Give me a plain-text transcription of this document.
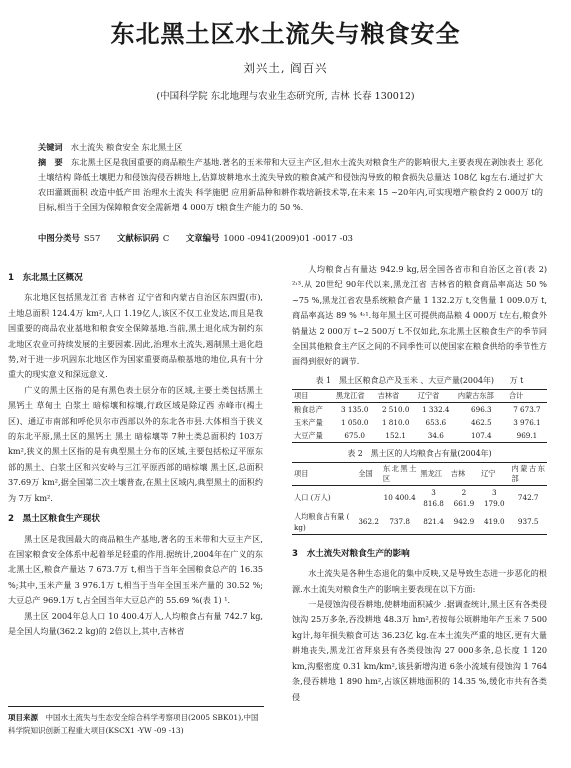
东北黑土区水土流失与粮食安全
刘兴土, 阎百兴
(中国科学院 东北地理与农业生态研究所, 吉林 长春 130012)
关键词　 水土流失 粮食安全 东北黑土区
摘　要　 东北黑土区是我国重要的商品粮生产基地.著名的玉米带和大豆主产区,但水土流失对粮食生产的影响很大,主要表现在剥蚀表土 恶化土壤结构 降低土壤肥力和侵蚀沟侵吞耕地上,估算坡耕地水土流失导致的粮食减产和侵蚀沟导致的粮食损失总量达 108亿 kg左右.通过扩大农田灌溉面积 改造中低产田 治理水土流失 科学施肥 应用新品种和耕作栽培新技术等,在未来 15 ~20年内,可实现增产粮食约 2 000万 t的目标,相当于全国为保障粮食安全需新增 4 000万 t粮食生产能力的 50 %.
中图分类号 S57 文献标识码 C 文章编号 1000 -0941(2009)01 -0017 -03
1　东北黑土区概况

东北地区包括黑龙江省 吉林省 辽宁省和内蒙古自治区东四盟(市),土地总面积 124.4万 km²,人口 1.19亿人,该区不仅工业发达,而且是我国重要的商品农业基地和粮食安全保障基地.当前,黑土退化成为制约东北地区农业可持续发展的主要因素.因此,治理水土流失,遏制黑土退化趋势,对于进一步巩固东北地区作为国家重要商品粮基地的地位,具有十分重大的现实意义和深远意义.

广义的黑土区指的是有黑色表土层分布的区域,主要土类包括黑土 黑钙土 草甸土 白浆土 暗棕壤和棕壤,行政区域是除辽西 赤峰市(褐土区)、通辽市南部和呼伦贝尔市西部以外的东北各市县.大体相当于狭义的东北平原,黑土区的黑钙土 黑土 暗棕壤等 7种土类总面积约 103万 km²,狭义的黑土区指的是有典型黑土分布的区域,主要包括松辽平原东部的黑土、白浆土区和兴安岭与三江平原西部的暗棕壤 黑土区,总面积 37.69万 km²,据全国第二次土壤普查,在黑土区域内,典型黑土的面积约为 7万 km².

2　黑土区粮食生产现状

黑土区是我国最大的商品粮生产基地,著名的玉米带和大豆主产区,在国家粮食安全体系中起着举足轻重的作用.据统计,2004年在广义的东北黑土区,粮食产量达 7 673.7万 t,相当于当年全国粮食总产的 16.35 %;其中,玉米产量 3 976.1万 t,相当于当年全国玉米产量的 30.52 %;大豆总产 969.1万 t,占全国当年大豆总产的 55.69 %(表 1) ¹.

黑土区 2004年总人口 10 400.4万人,人均粮食占有量 742.7 kg,是全国人均量(362.2 kg)的 2倍以上,其中,吉林省

人均粮食占有量达 942.9 kg,居全国各省市和自治区之首(表 2) ²˒³.从 20世纪 90年代以来,黑龙江省 吉林省的粮食商品率高达 50 % ~75 %,黑龙江省农垦系统粮食产量 1 132.2万 t,交售量 1 009.0万 t,商品率高达 89 % ⁴˒¹.每年黑土区可提供商品粮 4 000万 t左右,粮食外销量达 2 000万 t~2 500万 t.不仅如此,东北黑土区粮食生产的季节同全国其他粮食主产区之间的不同季性可以使国家在粮食供给的季节性方面得到很好的调节.

表 1　黑土区粮食总产及玉米 、大豆产量(2004年)　　 万 t
项目	黑龙江省	吉林省	辽宁省	内蒙古东部	合计
粮食总产	3 135.0	2 510.0	1 332.4	696.3	7 673.7
玉米产量	1 050.0	1 810.0	653.6	462.5	3 976.1
大豆产量	675.0	152.1	34.6	107.4	969.1
表 2　黑土区的人均粮食占有量(2004年)
项目	全国	东北黑土区	黑龙江	吉林	辽宁	内蒙古东部
人口 (万人)		10 400.4	3 816.8	2 661.9	3 179.0	742.7
人均粮食占有量 ( kg)	362.2	737.8	821.4	942.9	419.0	937.5
3　水土流失对粮食生产的影响

水土流失是各种生态退化的集中反映,又是导致生态进一步恶化的根源.水土流失对粮食生产的影响主要表现在以下方面:

一是侵蚀沟侵吞耕地,使耕地面积减少 .据调查统计,黑土区有各类侵蚀沟 25万多条,吞没耕地 48.3万 hm²,若按每公顷耕地年产玉米 7 500 kg计,每年损失粮食可达 36.23亿 kg.在本土流失严重的地区,更有大量耕地丧失,黑龙江省拜泉县有各类侵蚀沟 27 000多条,总长度 1 120 km,沟壑密度 0.31 km/km²,该县新增沟道 6条小流域有侵蚀沟 1 764条,侵吞耕地 1 890 hm²,占该区耕地面积的 14.35 %,缓化市共有各类侵

项目来源　 中国水土流失与生态安全综合科学考察项目(2005 SBK01),中国科学院知识创新工程重大项目(KSCX1 -YW -09 -13)
